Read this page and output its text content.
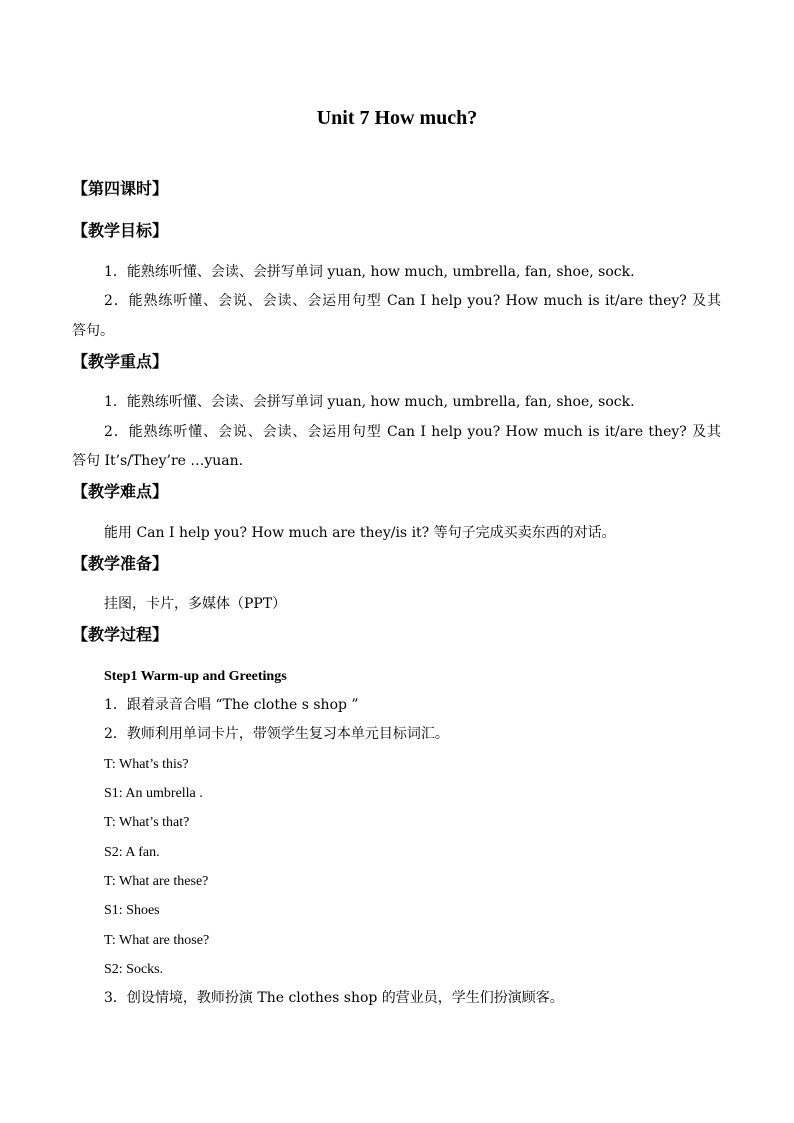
Unit 7 How much?
【第四课时】
【教学目标】
1．能熟练听懂、会读、会拼写单词 yuan, how much, umbrella, fan, shoe, sock.
2．能熟练听懂、会说、会读、会运用句型 Can I help you? How much is it/are they? 及其
答句。
【教学重点】
1．能熟练听懂、会读、会拼写单词 yuan, how much, umbrella, fan, shoe, sock.
2．能熟练听懂、会说、会读、会运用句型 Can I help you? How much is it/are they? 及其
答句 It’s/They’re …yuan.
【教学难点】
能用 Can I help you? How much are they/is it? 等句子完成买卖东西的对话。
【教学准备】
挂图，卡片，多媒体（PPT）
【教学过程】
Step1 Warm-up and Greetings
1．跟着录音合唱 “The clothe s shop ”
2．教师利用单词卡片，带领学生复习本单元目标词汇。
T: What’s this?
S1: An umbrella .
T: What’s that?
S2: A fan.
T: What are these?
S1: Shoes
T: What are those?
S2: Socks.
3．创设情境，教师扮演 The clothes shop 的营业员，学生们扮演顾客。
